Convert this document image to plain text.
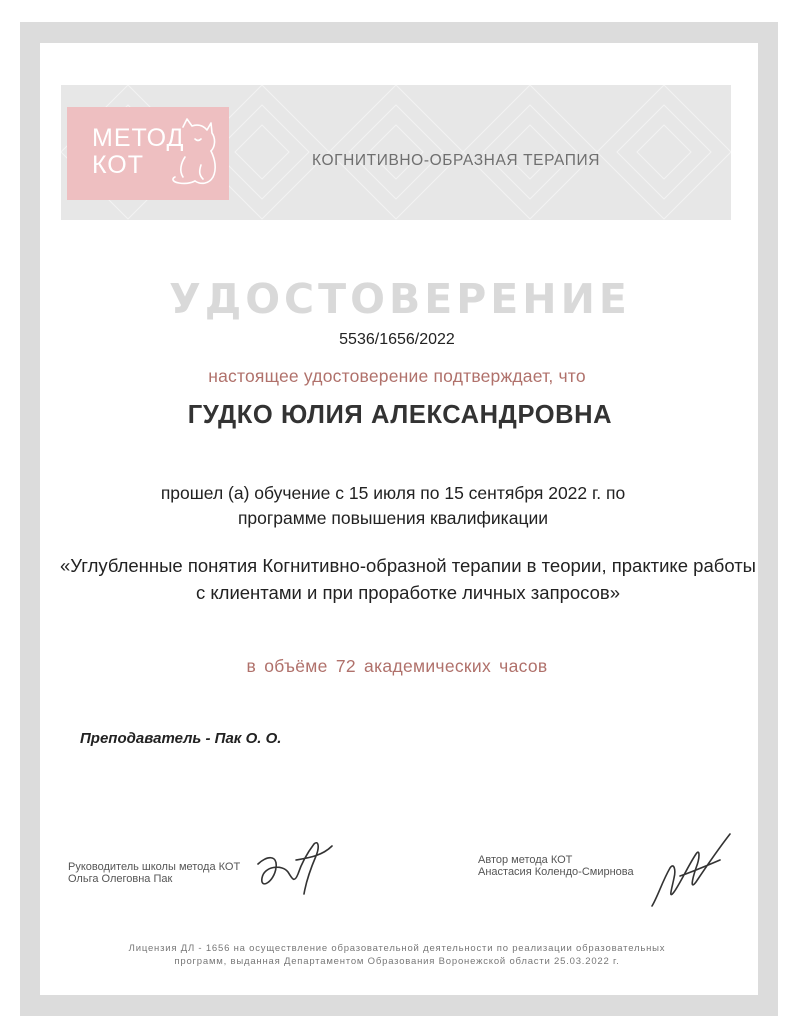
МЕТОД
КОТ	КОГНИТИВНО-ОБРАЗНАЯ ТЕРАПИЯ
УДОСТОВЕРЕНИЕ
5536/1656/2022
настоящее удостоверение подтверждает, что
ГУДКО ЮЛИЯ АЛЕКСАНДРОВНА
прошел (а) обучение с 15 июля по 15 сентября 2022 г. по
программе повышения квалификации
«Углубленные понятия Когнитивно-образной терапии в теории, практике работы с клиентами и при проработке личных запросов»
в объёме 72 академических часов
Преподаватель - Пак О. О.
Руководитель школы метода КОТ
Ольга Олеговна Пак
Автор метода КОТ
Анастасия Колендо-Смирнова
Лицензия ДЛ - 1656 на осуществление образовательной деятельности по реализации образовательных
программ, выданная Департаментом Образования Воронежской области 25.03.2022 г.
